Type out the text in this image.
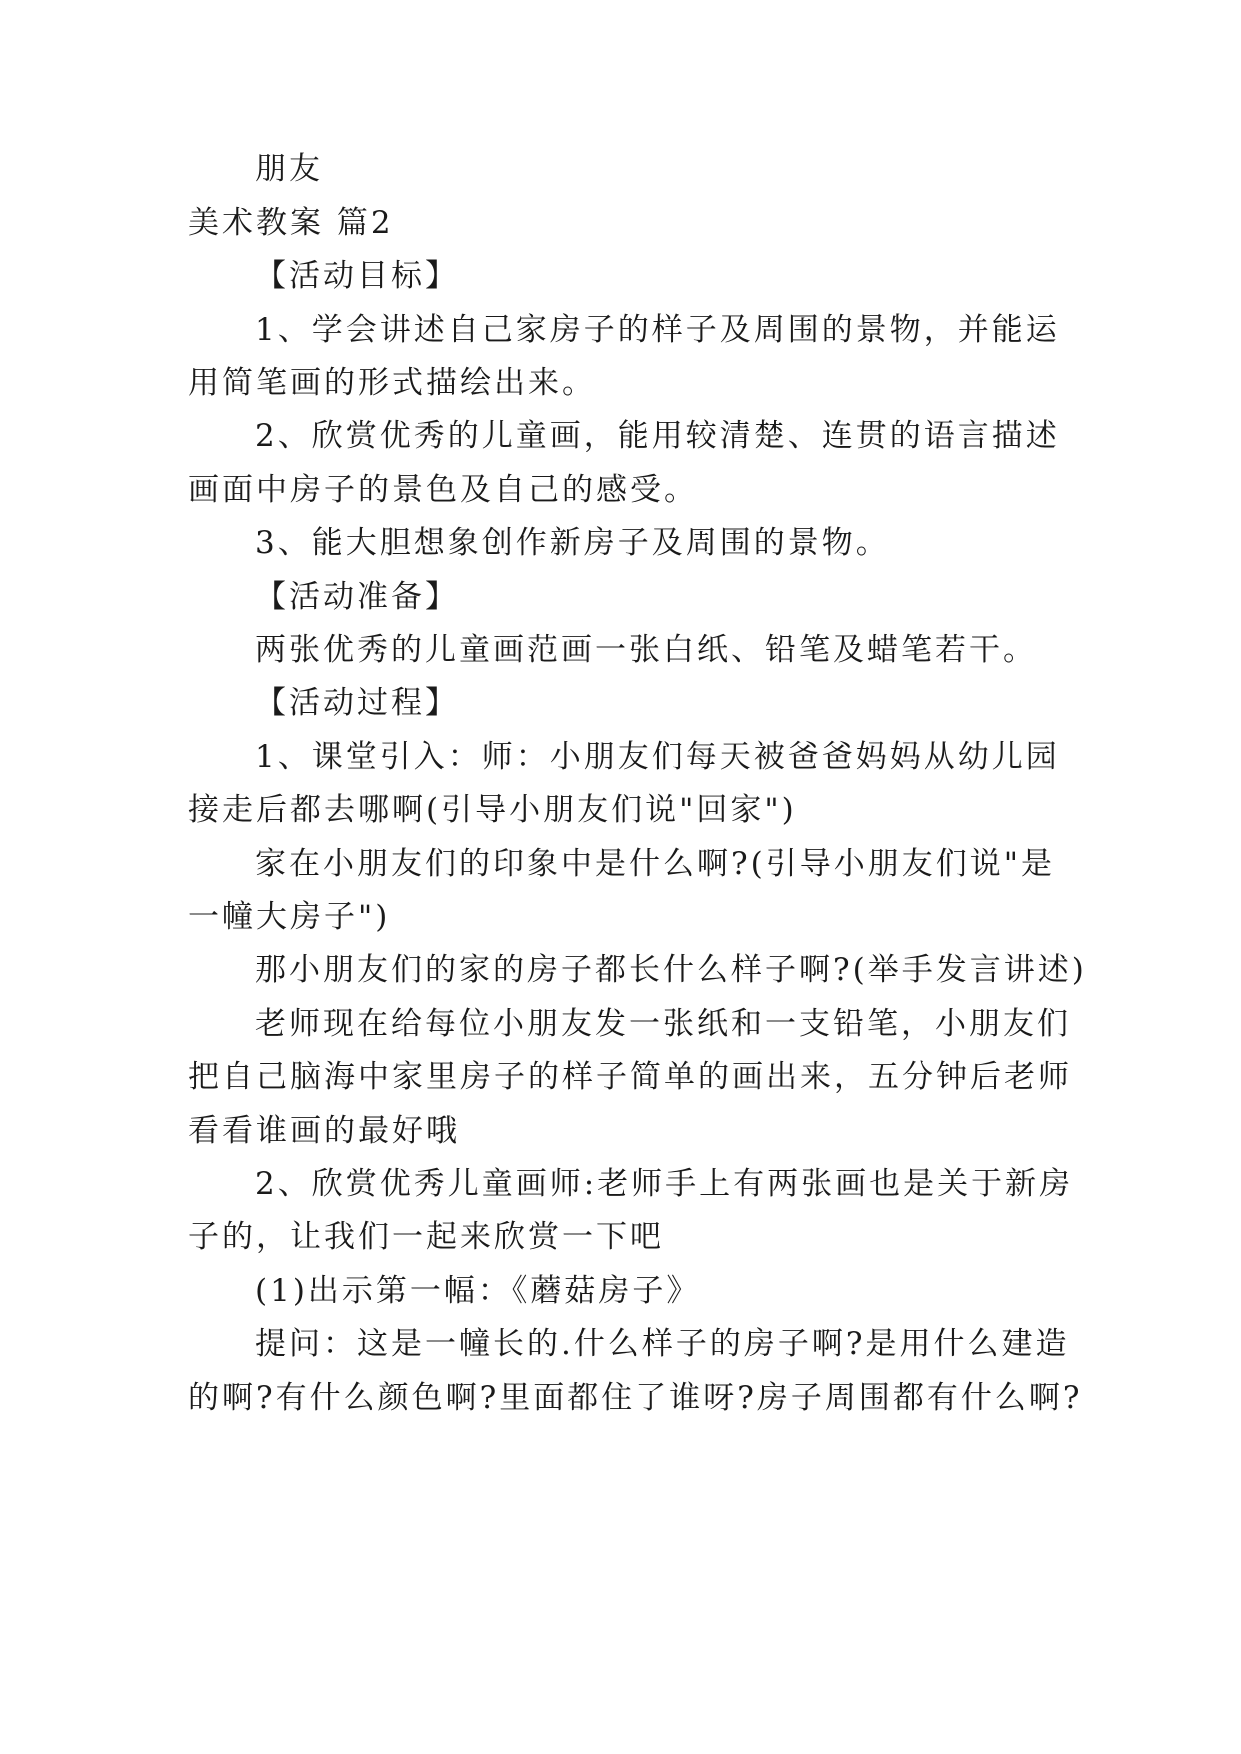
朋友
美术教案 篇2
【活动目标】
1、学会讲述自己家房子的样子及周围的景物，并能运
用简笔画的形式描绘出来。
2、欣赏优秀的儿童画，能用较清楚、连贯的语言描述
画面中房子的景色及自己的感受。
3、能大胆想象创作新房子及周围的景物。
【活动准备】
两张优秀的儿童画范画一张白纸、铅笔及蜡笔若干。
【活动过程】
1、课堂引入：师：小朋友们每天被爸爸妈妈从幼儿园
接走后都去哪啊(引导小朋友们说"回家")
家在小朋友们的印象中是什么啊?(引导小朋友们说"是
一幢大房子")
那小朋友们的家的房子都长什么样子啊?(举手发言讲述)
老师现在给每位小朋友发一张纸和一支铅笔，小朋友们
把自己脑海中家里房子的样子简单的画出来，五分钟后老师
看看谁画的最好哦
2、欣赏优秀儿童画师:老师手上有两张画也是关于新房
子的，让我们一起来欣赏一下吧
(1)出示第一幅：《蘑菇房子》
提问：这是一幢长的.什么样子的房子啊?是用什么建造
的啊?有什么颜色啊?里面都住了谁呀?房子周围都有什么啊?
